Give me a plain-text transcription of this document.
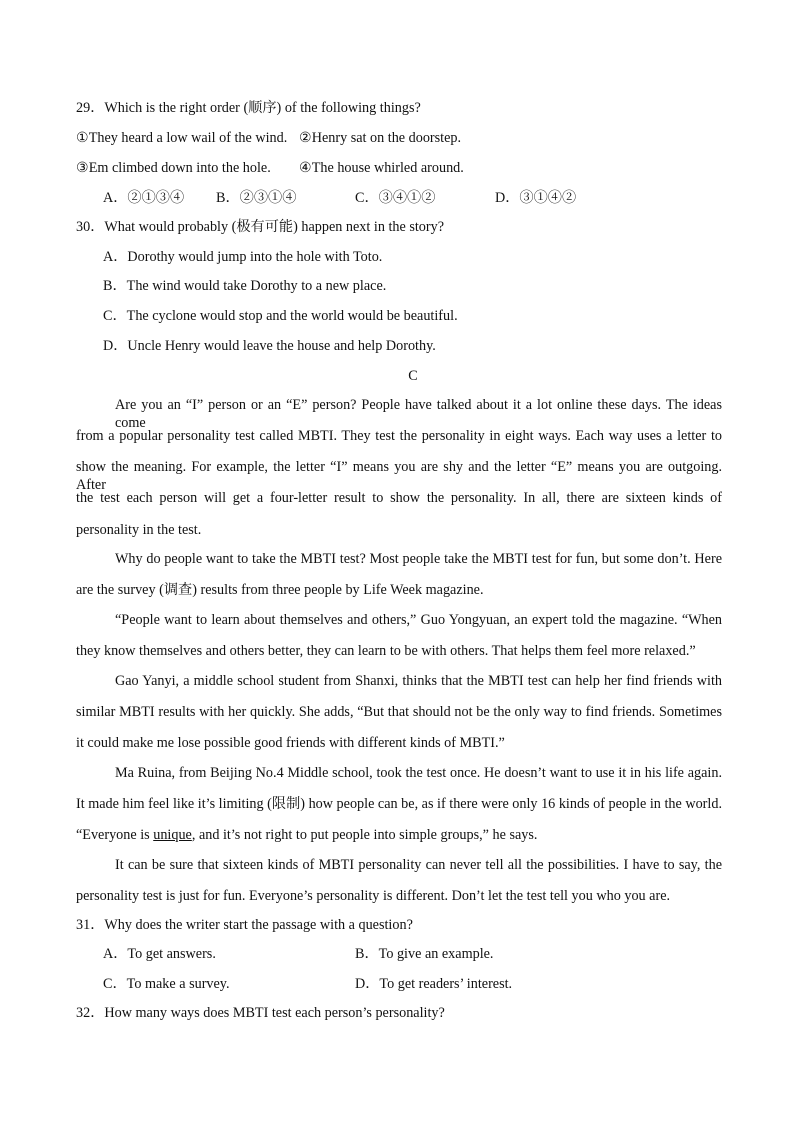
29．Which is the right order (顺序) of the following things?
①They heard a low wail of the wind. ②Henry sat on the doorstep.
③Em climbed down into the hole. ④The house whirled around.
A．②①③④ B．②③①④	C．③④①②	D．③①④②
30．What would probably (极有可能) happen next in the story?
A．Dorothy would jump into the hole with Toto.
B．The wind would take Dorothy to a new place.
C．The cyclone would stop and the world would be beautiful.
D．Uncle Henry would leave the house and help Dorothy.
C
Are you an “I” person or an “E” person? People have talked about it a lot online these days. The ideas come
from a popular personality test called MBTI. They test the personality in eight ways. Each way uses a letter to
show the meaning. For example, the letter “I” means you are shy and the letter “E” means you are outgoing. After
the test each person will get a four-letter result to show the personality. In all, there are sixteen kinds of
personality in the test.
Why do people want to take the MBTI test? Most people take the MBTI test for fun, but some don’t. Here
are the survey (调查) results from three people by Life Week magazine.
“People want to learn about themselves and others,” Guo Yongyuan, an expert told the magazine. “When
they know themselves and others better, they can learn to be with others. That helps them feel more relaxed.”
Gao Yanyi, a middle school student from Shanxi, thinks that the MBTI test can help her find friends with
similar MBTI results with her quickly. She adds, “But that should not be the only way to find friends. Sometimes
it could make me lose possible good friends with different kinds of MBTI.”
Ma Ruina, from Beijing No.4 Middle school, took the test once. He doesn’t want to use it in his life again.
It made him feel like it’s limiting (限制) how people can be, as if there were only 16 kinds of people in the world.
“Everyone is unique, and it’s not right to put people into simple groups,” he says.
It can be sure that sixteen kinds of MBTI personality can never tell all the possibilities. I have to say, the
personality test is just for fun. Everyone’s personality is different. Don’t let the test tell you who you are.
31．Why does the writer start the passage with a question?
A．To get answers.	B．To give an example.
C．To make a survey.	D．To get readers’ interest.
32．How many ways does MBTI test each person’s personality?
